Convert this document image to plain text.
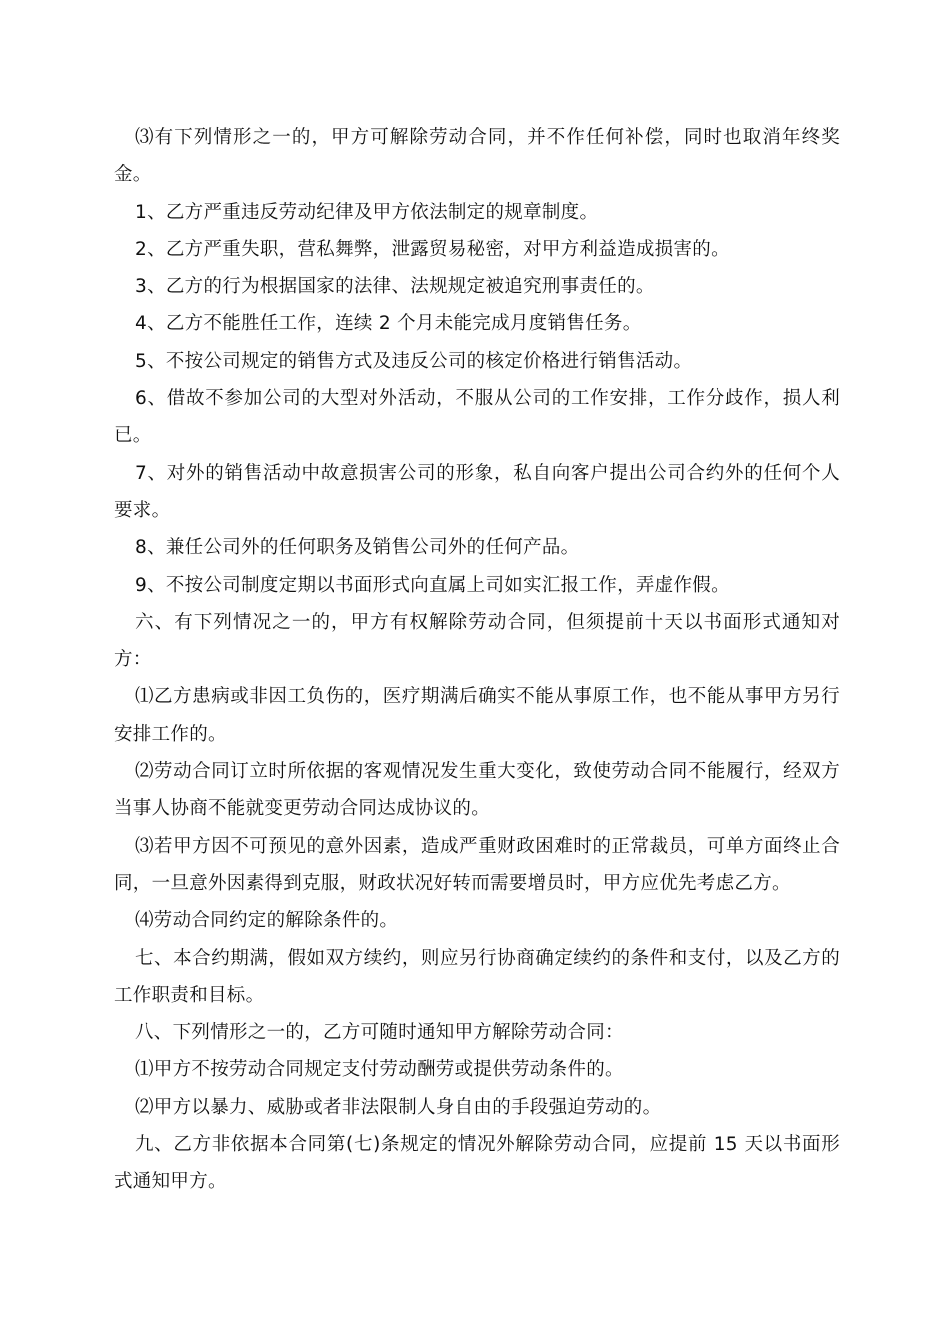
⑶有下列情形之一的，甲方可解除劳动合同，并不作任何补偿，同时也取消年终奖金。

1、乙方严重违反劳动纪律及甲方依法制定的规章制度。

2、乙方严重失职，营私舞弊，泄露贸易秘密，对甲方利益造成损害的。

3、乙方的行为根据国家的法律、法规规定被追究刑事责任的。

4、乙方不能胜任工作，连续 2 个月未能完成月度销售任务。

5、不按公司规定的销售方式及违反公司的核定价格进行销售活动。

6、借故不参加公司的大型对外活动，不服从公司的工作安排，工作分歧作，损人利已。

7、对外的销售活动中故意损害公司的形象，私自向客户提出公司合约外的任何个人要求。

8、兼任公司外的任何职务及销售公司外的任何产品。

9、不按公司制度定期以书面形式向直属上司如实汇报工作，弄虚作假。

六、有下列情况之一的，甲方有权解除劳动合同，但须提前十天以书面形式通知对方：

⑴乙方患病或非因工负伤的，医疗期满后确实不能从事原工作，也不能从事甲方另行安排工作的。

⑵劳动合同订立时所依据的客观情况发生重大变化，致使劳动合同不能履行，经双方当事人协商不能就变更劳动合同达成协议的。

⑶若甲方因不可预见的意外因素，造成严重财政困难时的正常裁员，可单方面终止合同，一旦意外因素得到克服，财政状况好转而需要增员时，甲方应优先考虑乙方。

⑷劳动合同约定的解除条件的。

七、本合约期满，假如双方续约，则应另行协商确定续约的条件和支付，以及乙方的工作职责和目标。

八、下列情形之一的，乙方可随时通知甲方解除劳动合同：

⑴甲方不按劳动合同规定支付劳动酬劳或提供劳动条件的。

⑵甲方以暴力、威胁或者非法限制人身自由的手段强迫劳动的。

九、乙方非依据本合同第(七)条规定的情况外解除劳动合同，应提前 15 天以书面形式通知甲方。
